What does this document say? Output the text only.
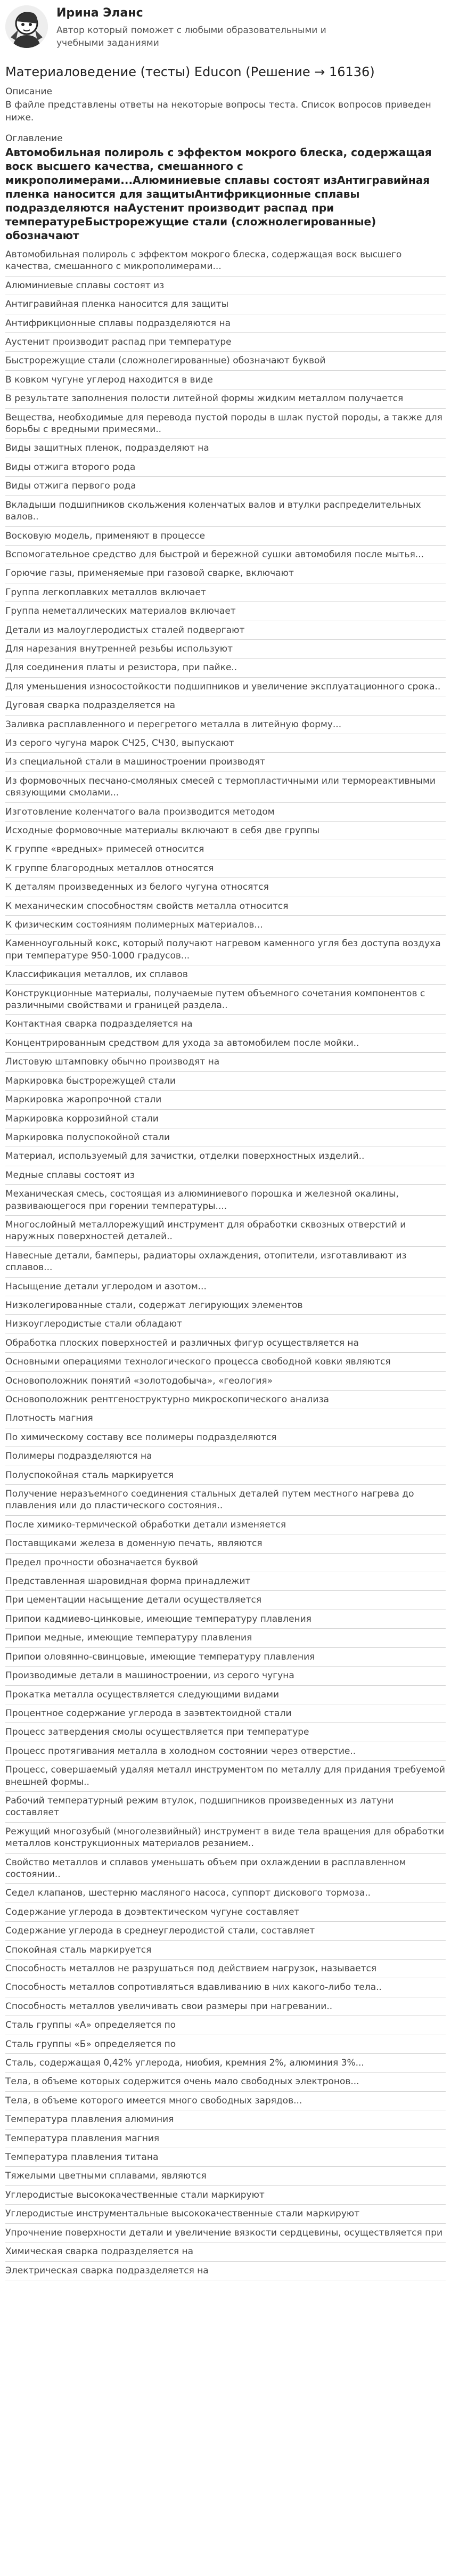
Ирина Эланс
Автор который поможет с любыми образовательными и учебными заданиями
Материаловедение (тесты) Educon (Решение → 16136)
Описание
В файле представлены ответы на некоторые вопросы теста. Список вопросов приведен ниже.
Оглавление
Автомобильная полироль с эффектом мокрого блеска, содержащая воск высшего качества, смешанного с микрополимерами...Алюминиевые сплавы состоят изАнтигравийная пленка наносится для защитыАнтифрикционные сплавы подразделяются наАустенит производит распад при температуреБыстрорежущие стали (сложнолегированные) обозначают
Автомобильная полироль с эффектом мокрого блеска, содержащая воск высшего качества, смешанного с микрополимерами...
Алюминиевые сплавы состоят из
Антигравийная пленка наносится для защиты
Антифрикционные сплавы подразделяются на
Аустенит производит распад при температуре
Быстрорежущие стали (сложнолегированные) обозначают буквой
В ковком чугуне углерод находится в виде
В результате заполнения полости литейной формы жидким металлом получается
Вещества, необходимые для перевода пустой породы в шлак пустой породы, а также для борьбы с вредными примесями..
Виды защитных пленок, подразделяют на
Виды отжига второго рода
Виды отжига первого рода
Вкладыши подшипников скольжения коленчатых валов и втулки распределительных валов..
Восковую модель, применяют в процессе
Вспомогательное средство для быстрой и бережной сушки автомобиля после мытья...
Горючие газы, применяемые при газовой сварке, включают
Группа легкоплавких металлов включает
Группа неметаллических материалов включает
Детали из малоуглеродистых сталей подвергают
Для нарезания внутренней резьбы используют
Для соединения платы и резистора, при пайке..
Для уменьшения износостойкости подшипников и увеличение эксплуатационного срока..
Дуговая сварка подразделяется на
Заливка расплавленного и перегретого металла в литейную форму...
Из серого чугуна марок СЧ25, СЧ30, выпускают
Из специальной стали в машиностроении производят
Из формовочных песчано-смоляных смесей с термопластичными или термореактивными связующими смолами...
Изготовление коленчатого вала производится методом
Исходные формовочные материалы включают в себя две группы
К группе «вредных» примесей относится
К группе благородных металлов относятся
К деталям произведенных из белого чугуна относятся
К механическим способностям свойств металла относится
К физическим состояниям полимерных материалов...
Каменноугольный кокс, который получают нагревом каменного угля без доступа воздуха при температуре 950-1000 градусов...
Классификация металлов, их сплавов
Конструкционные материалы, получаемые путем объемного сочетания компонентов с различными свойствами и границей раздела..
Контактная сварка подразделяется на
Концентрированным средством для ухода за автомобилем после мойки..
Листовую штамповку обычно производят на
Маркировка быстрорежущей стали
Маркировка жаропрочной стали
Маркировка коррозийной стали
Маркировка полуспокойной стали
Материал, используемый для зачистки, отделки поверхностных изделий..
Медные сплавы состоят из
Механическая смесь, состоящая из алюминиевого порошка и железной окалины, развивающегося при горении температуры....
Многослойный металлорежущий инструмент для обработки сквозных отверстий и наружных поверхностей деталей..
Навесные детали, бамперы, радиаторы охлаждения, отопители, изготавливают из сплавов...
Насыщение детали углеродом и азотом...
Низколегированные стали, содержат легирующих элементов
Низкоуглеродистые стали обладают
Обработка плоских поверхностей и различных фигур осуществляется на
Основными операциями технологического процесса свободной ковки являются
Основоположник понятий «золотодобыча», «геология»
Основоположник рентгеноструктурно микроскопического анализа
Плотность магния
По химическому составу все полимеры подразделяются
Полимеры подразделяются на
Полуспокойная сталь маркируется
Получение неразъемного соединения стальных деталей путем местного нагрева до плавления или до пластического состояния..
После химико-термической обработки детали изменяется
Поставщиками железа в доменную печать, являются
Предел прочности обозначается буквой
Представленная шаровидная форма принадлежит
При цементации насыщение детали осуществляется
Припои кадмиево-цинковые, имеющие температуру плавления
Припои медные, имеющие температуру плавления
Припои оловянно-свинцовые, имеющие температуру плавления
Производимые детали в машиностроении, из серого чугуна
Прокатка металла осуществляется следующими видами
Процентное содержание углерода в заэвтектоидной стали
Процесс затвердения смолы осуществляется при температуре
Процесс протягивания металла в холодном состоянии через отверстие..
Процесс, совершаемый удаляя металл инструментом по металлу для придания требуемой внешней формы..
Рабочий температурный режим втулок, подшипников произведенных из латуни составляет
Режущий многозубый (многолезвийный) инструмент в виде тела вращения для обработки металлов конструкционных материалов резанием..
Свойство металлов и сплавов уменьшать объем при охлаждении в расплавленном состоянии..
Седел клапанов, шестерню масляного насоса, суппорт дискового тормоза..
Содержание углерода в доэвтектическом чугуне составляет
Содержание углерода в среднеуглеродистой стали, составляет
Спокойная сталь маркируется
Способность металлов не разрушаться под действием нагрузок, называется
Способность металлов сопротивляться вдавливанию в них какого-либо тела..
Способность металлов увеличивать свои размеры при нагревании..
Сталь группы «А» определяется по
Сталь группы «Б» определяется по
Сталь, содержащая 0,42% углерода, ниобия, кремния 2%, алюминия 3%...
Тела, в объеме которых содержится очень мало свободных электронов...
Тела, в объеме которого имеется много свободных зарядов...
Температура плавления алюминия
Температура плавления магния
Температура плавления титана
Тяжелыми цветными сплавами, являются
Углеродистые высококачественные стали маркируют
Углеродистые инструментальные высококачественные стали маркируют
Упрочнение поверхности детали и увеличение вязкости сердцевины, осуществляется при
Химическая сварка подразделяется на
Электрическая сварка подразделяется на
